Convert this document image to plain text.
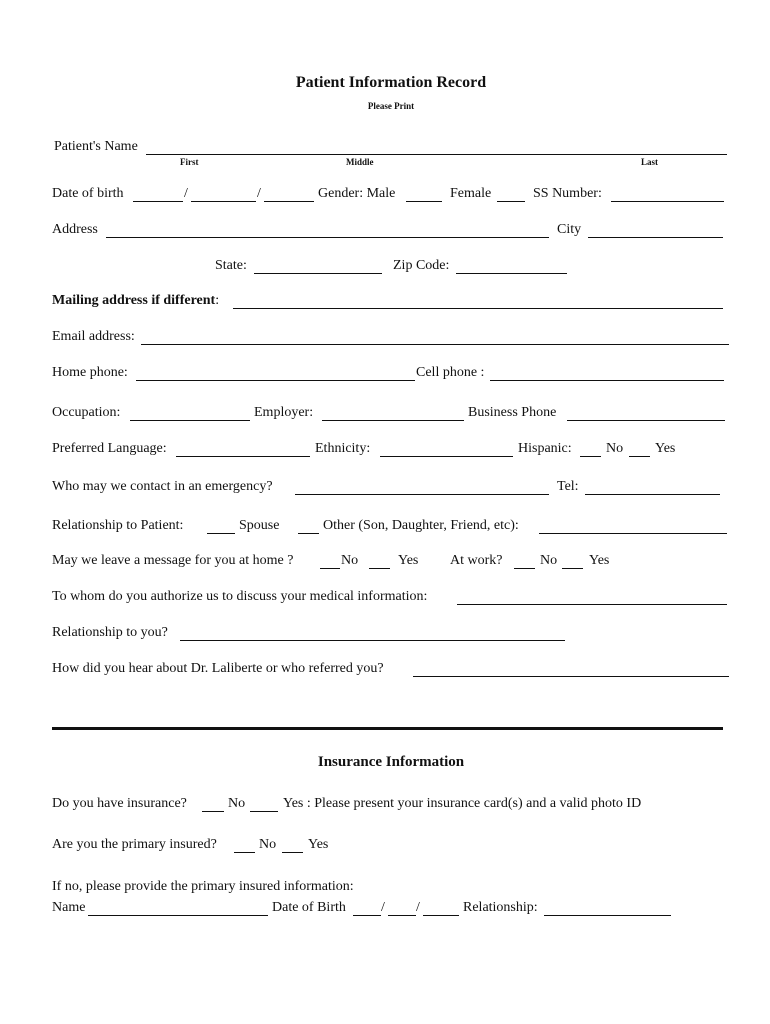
Patient Information Record
Please Print
Patient's Name
First	Middle	Last
Date of birth	/	/	Gender: Male	Female	SS Number:
Address	City
State:	Zip Code:
Mailing address if different:
Email address:
Home phone:	Cell phone :
Occupation:	Employer:	Business Phone
Preferred Language:	Ethnicity:	Hispanic: No Yes
Who may we contact in an emergency?	Tel:
Relationship to Patient:	Spouse	Other (Son, Daughter, Friend, etc):
May we leave a message for you at home ?	No	Yes At work?	No Yes
To whom do you authorize us to discuss your medical information:
Relationship to you?
How did you hear about Dr. Laliberte or who referred you?
Insurance Information
Do you have insurance?	No	Yes : Please present your insurance card(s) and a valid photo ID
Are you the primary insured?	No Yes
If no, please provide the primary insured information:
Name	Date of Birth	/ /	Relationship:
